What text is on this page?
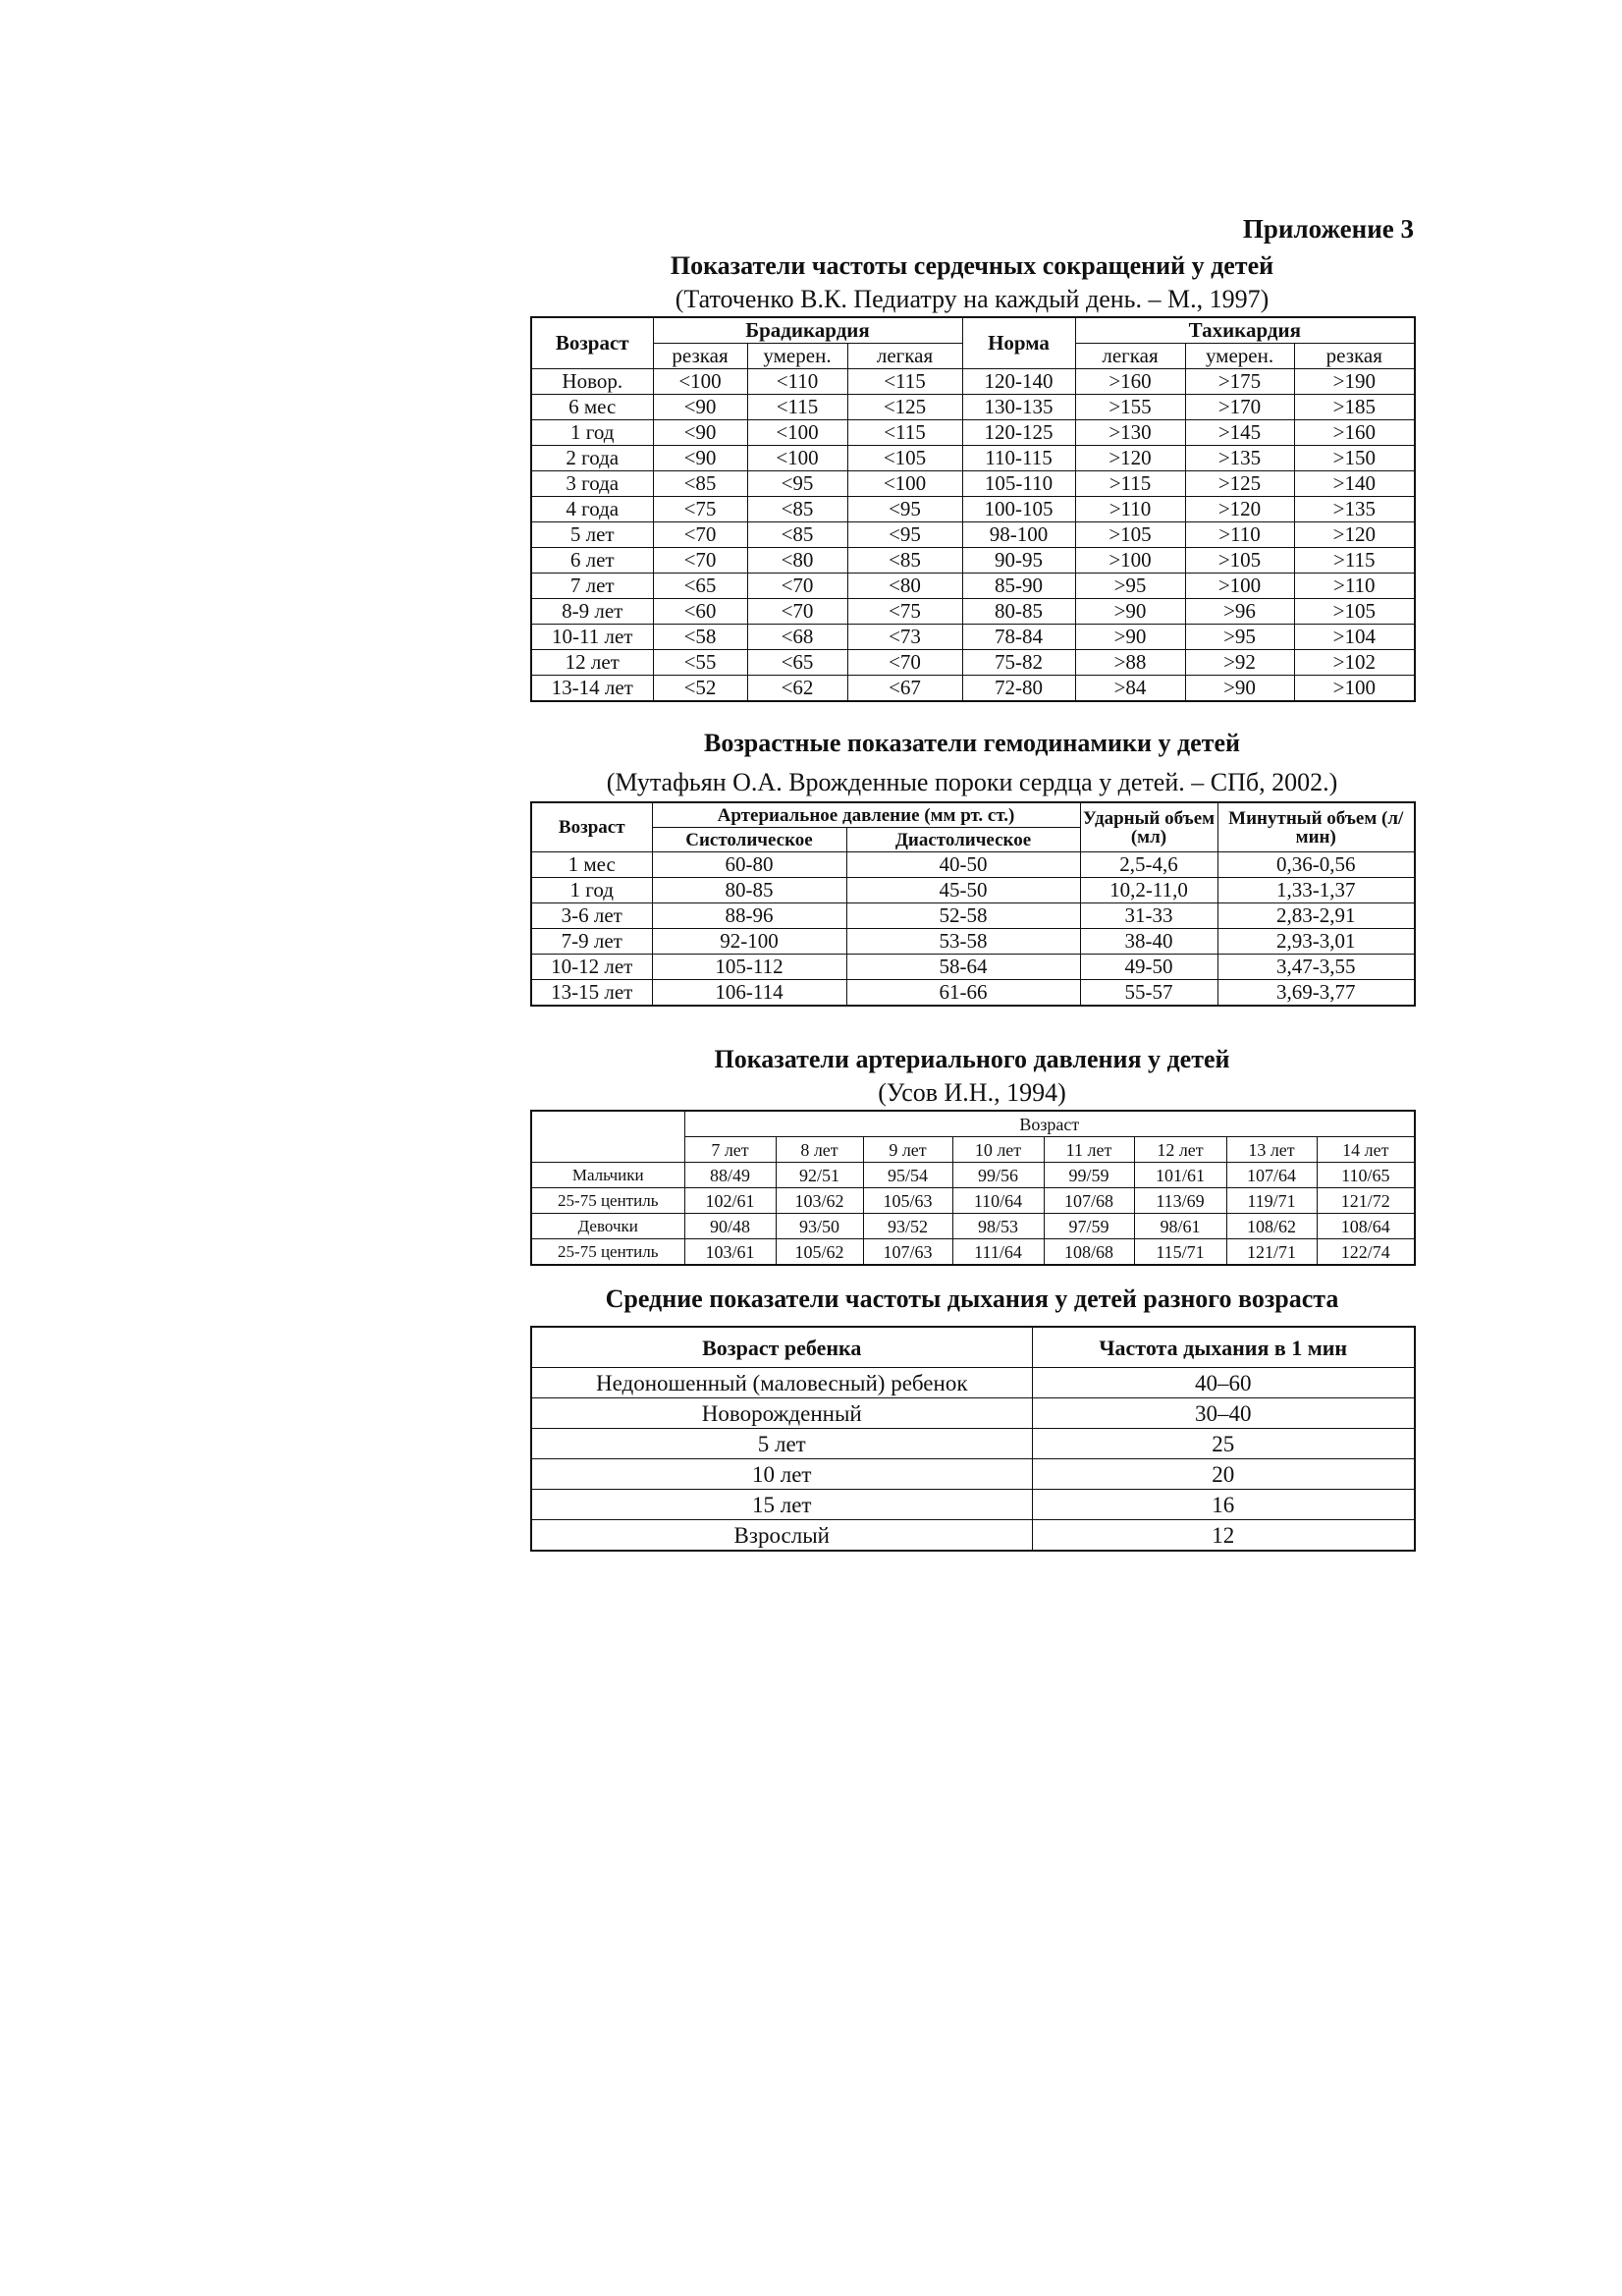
Приложение 3
Показатели частоты сердечных сокращений у детей
(Таточенко В.К. Педиатру на каждый день. – М., 1997)
Возраст	Брадикардия			Норма	Тахикардия		
	резкая	умерен.	легкая		легкая	умерен.	резкая
Новор.	<100	<110	<115	120-140	>160	>175	>190
6 мес	<90	<115	<125	130-135	>155	>170	>185
1 год	<90	<100	<115	120-125	>130	>145	>160
2 года	<90	<100	<105	110-115	>120	>135	>150
3 года	<85	<95	<100	105-110	>115	>125	>140
4 года	<75	<85	<95	100-105	>110	>120	>135
5 лет	<70	<85	<95	98-100	>105	>110	>120
6 лет	<70	<80	<85	90-95	>100	>105	>115
7 лет	<65	<70	<80	85-90	>95	>100	>110
8-9 лет	<60	<70	<75	80-85	>90	>96	>105
10-11 лет	<58	<68	<73	78-84	>90	>95	>104
12 лет	<55	<65	<70	75-82	>88	>92	>102
13-14 лет	<52	<62	<67	72-80	>84	>90	>100
Возрастные показатели гемодинамики у детей
(Мутафьян О.А. Врожденные пороки сердца у детей. – СПб, 2002.)
Возраст	Артериальное давление (мм рт. ст.)		Ударный объем (мл)	Минутный объем (л/мин)
	Систолическое	Диастолическое		
1 мес	60-80	40-50	2,5-4,6	0,36-0,56
1 год	80-85	45-50	10,2-11,0	1,33-1,37
3-6 лет	88-96	52-58	31-33	2,83-2,91
7-9 лет	92-100	53-58	38-40	2,93-3,01
10-12 лет	105-112	58-64	49-50	3,47-3,55
13-15 лет	106-114	61-66	55-57	3,69-3,77
Показатели артериального давления у детей
(Усов И.Н., 1994)
	Возраст							
	7 лет	8 лет	9 лет	10 лет	11 лет	12 лет	13 лет	14 лет
Мальчики	88/49	92/51	95/54	99/56	99/59	101/61	107/64	110/65
25-75 центиль	102/61	103/62	105/63	110/64	107/68	113/69	119/71	121/72
Девочки	90/48	93/50	93/52	98/53	97/59	98/61	108/62	108/64
25-75 центиль	103/61	105/62	107/63	111/64	108/68	115/71	121/71	122/74
Средние показатели частоты дыхания у детей разного возраста
Возраст ребенка	Частота дыхания в 1 мин
Недоношенный (маловесный) ребенок	40–60
Новорожденный	30–40
5 лет	25
10 лет	20
15 лет	16
Взрослый	12
